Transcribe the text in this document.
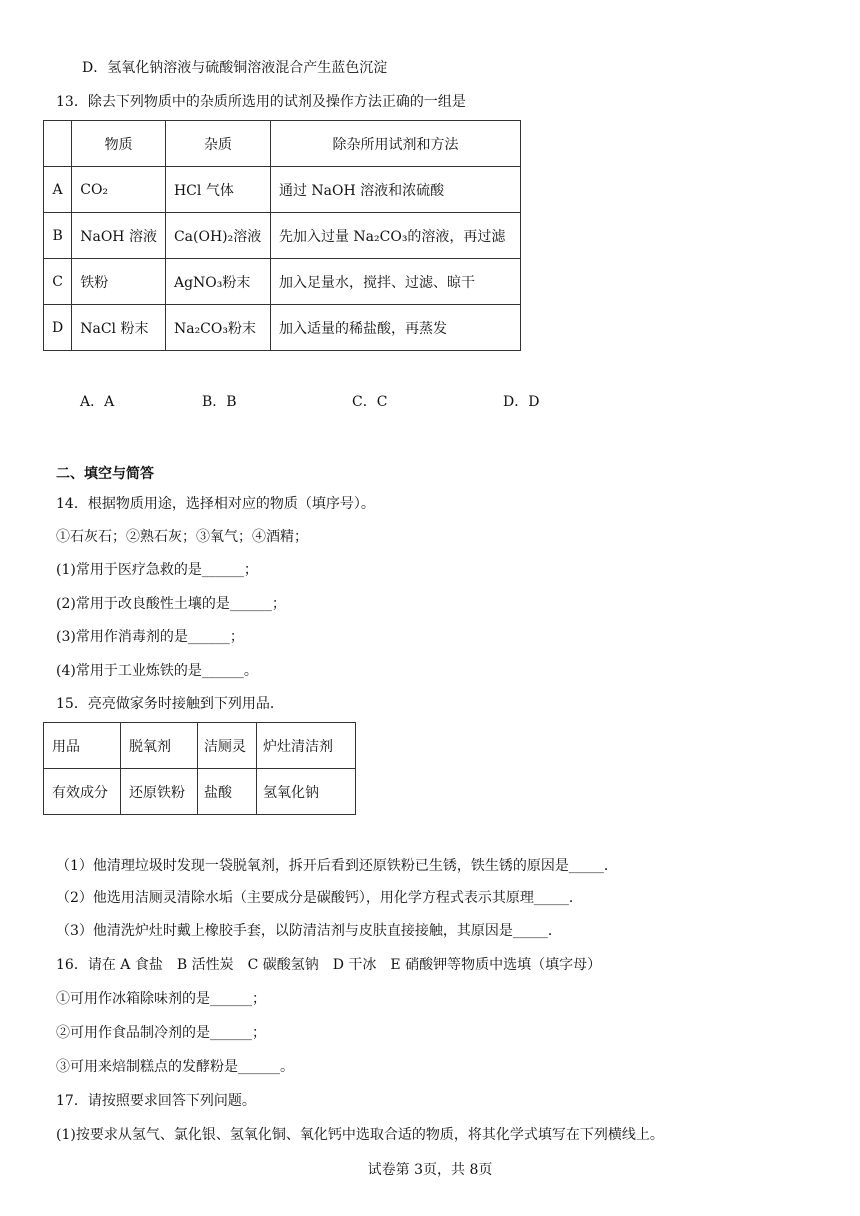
D．氢氧化钠溶液与硫酸铜溶液混合产生蓝色沉淀
13．除去下列物质中的杂质所选用的试剂及操作方法正确的一组是
	物质	杂质	除杂所用试剂和方法
A	CO₂	HCl 气体	通过 NaOH 溶液和浓硫酸
B	NaOH 溶液	Ca(OH)₂溶液	先加入过量 Na₂CO₃的溶液，再过滤
C	铁粉	AgNO₃粉末	加入足量水，搅拌、过滤、晾干
D	NaCl 粉末	Na₂CO₃粉末	加入适量的稀盐酸，再蒸发
A．A	B．B	C．C	D．D
二、填空与简答
14．根据物质用途，选择相对应的物质（填序号）。
①石灰石；②熟石灰；③氧气；④酒精；
(1)常用于医疗急救的是______；
(2)常用于改良酸性土壤的是______；
(3)常用作消毒剂的是______；
(4)常用于工业炼铁的是______。
15．亮亮做家务时接触到下列用品．
用品	脱氧剂	洁厕灵	炉灶清洁剂
有效成分	还原铁粉	盐酸	氢氧化钠
（1）他清理垃圾时发现一袋脱氧剂，拆开后看到还原铁粉已生锈，铁生锈的原因是_____．
（2）他选用洁厕灵清除水垢（主要成分是碳酸钙），用化学方程式表示其原理_____．
（3）他清洗炉灶时戴上橡胶手套，以防清洁剂与皮肤直接接触，其原因是_____．
16．请在 A 食盐　B 活性炭　C 碳酸氢钠　D 干冰　E 硝酸钾等物质中选填（填字母）
①可用作冰箱除味剂的是______；
②可用作食品制冷剂的是______；
③可用来焙制糕点的发酵粉是______。
17．请按照要求回答下列问题。
(1)按要求从氢气、氯化银、氢氧化铜、氧化钙中选取合适的物质，将其化学式填写在下列横线上。
试卷第 3页，共 8页
